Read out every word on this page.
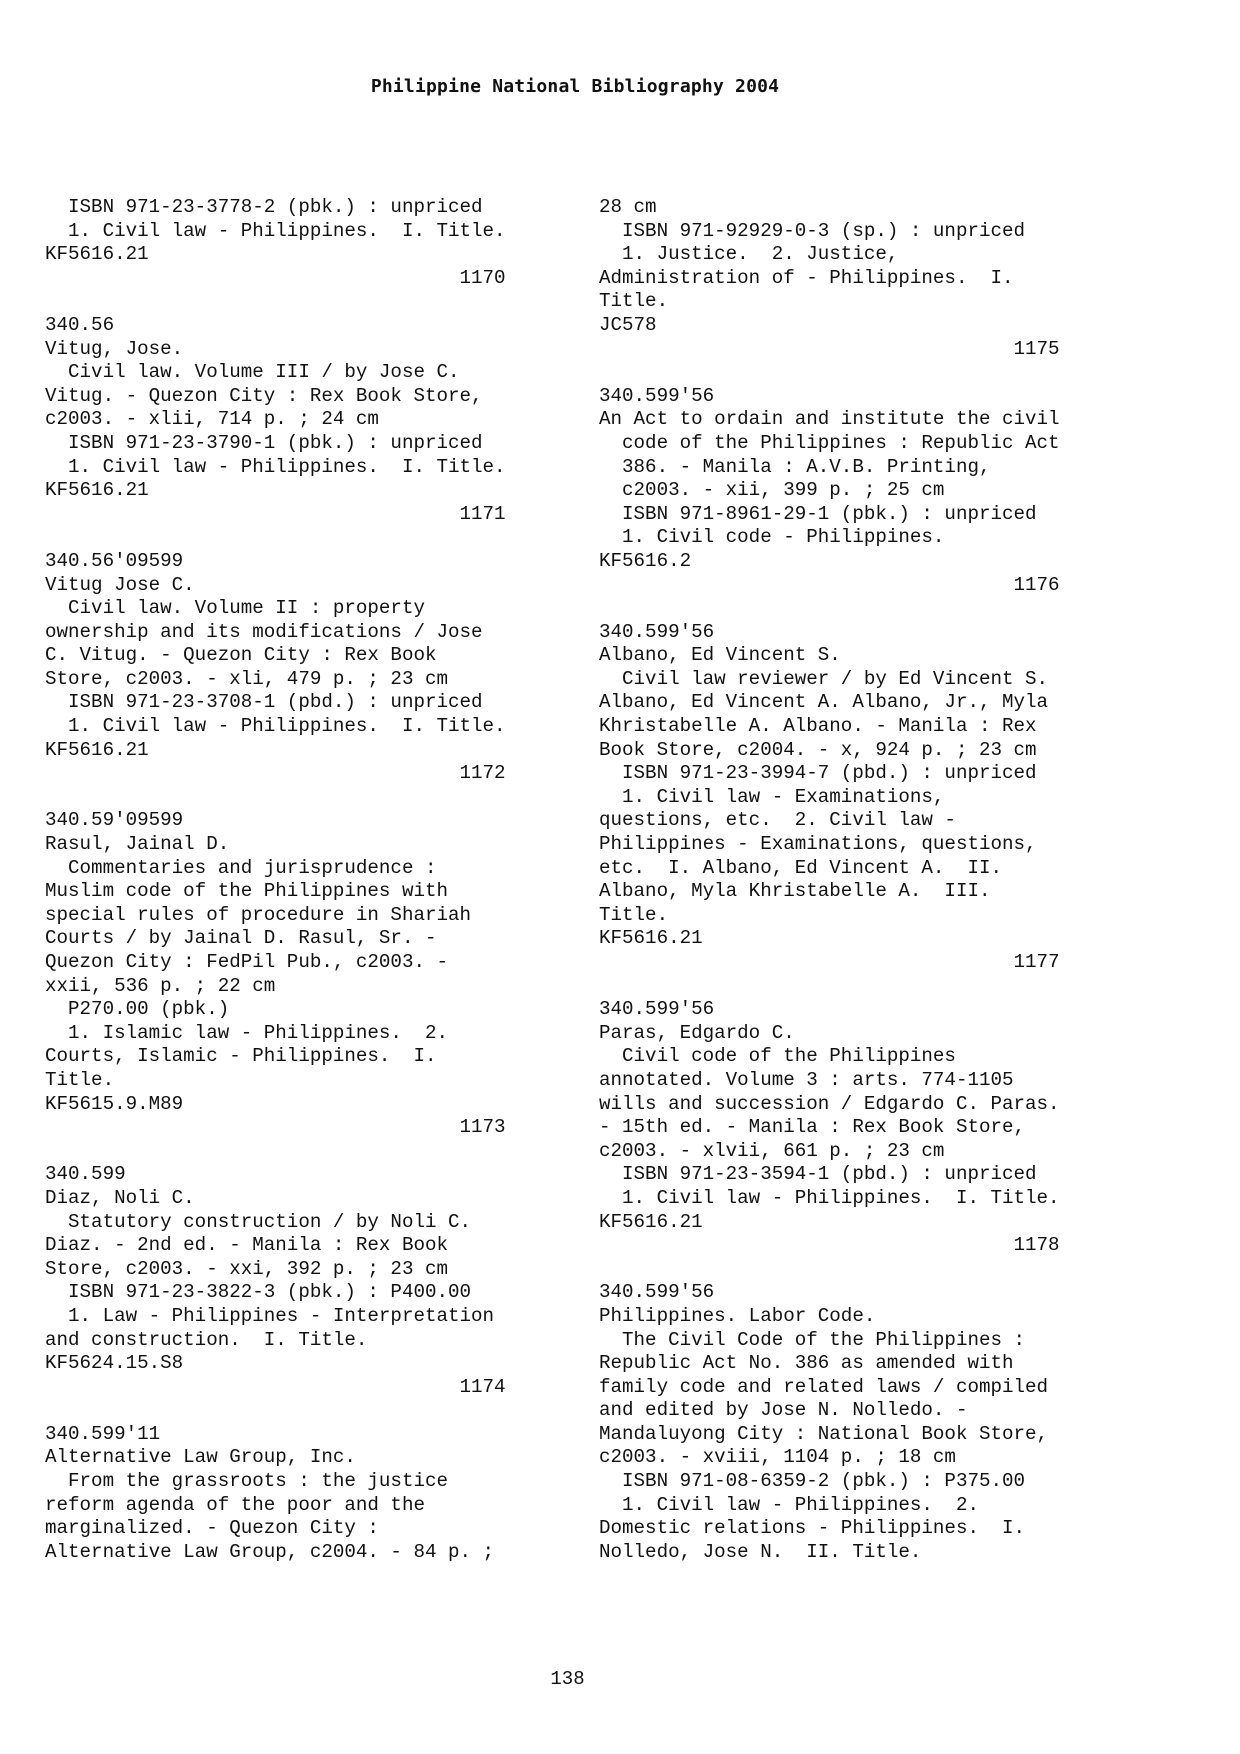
Philippine National Bibliography 2004
ISBN 971-23-3778-2 (pbk.) : unpriced
1. Civil law - Philippines.  I. Title.
KF5616.21
1170
340.56
Vitug, Jose.
Civil law. Volume III / by Jose C.
Vitug. - Quezon City : Rex Book Store,
c2003. - xlii, 714 p. ; 24 cm
ISBN 971-23-3790-1 (pbk.) : unpriced
1. Civil law - Philippines.  I. Title.
KF5616.21
1171
340.56'09599
Vitug Jose C.
Civil law. Volume II : property
ownership and its modifications / Jose
C. Vitug. - Quezon City : Rex Book
Store, c2003. - xli, 479 p. ; 23 cm
ISBN 971-23-3708-1 (pbd.) : unpriced
1. Civil law - Philippines.  I. Title.
KF5616.21
1172
340.59'09599
Rasul, Jainal D.
Commentaries and jurisprudence :
Muslim code of the Philippines with
special rules of procedure in Shariah
Courts / by Jainal D. Rasul, Sr. -
Quezon City : FedPil Pub., c2003. -
xxii, 536 p. ; 22 cm
P270.00 (pbk.)
1. Islamic law - Philippines.  2.
Courts, Islamic - Philippines.  I.
Title.
KF5615.9.M89
1173
340.599
Diaz, Noli C.
Statutory construction / by Noli C.
Diaz. - 2nd ed. - Manila : Rex Book
Store, c2003. - xxi, 392 p. ; 23 cm
ISBN 971-23-3822-3 (pbk.) : P400.00
1. Law - Philippines - Interpretation
and construction.  I. Title.
KF5624.15.S8
1174
340.599'11
Alternative Law Group, Inc.
From the grassroots : the justice
reform agenda of the poor and the
marginalized. - Quezon City :
Alternative Law Group, c2004. - 84 p. ;
28 cm
ISBN 971-92929-0-3 (sp.) : unpriced
1. Justice.  2. Justice,
Administration of - Philippines.  I.
Title.
JC578
1175
340.599'56
An Act to ordain and institute the civil
code of the Philippines : Republic Act
386. - Manila : A.V.B. Printing,
c2003. - xii, 399 p. ; 25 cm
ISBN 971-8961-29-1 (pbk.) : unpriced
1. Civil code - Philippines.
KF5616.2
1176
340.599'56
Albano, Ed Vincent S.
Civil law reviewer / by Ed Vincent S.
Albano, Ed Vincent A. Albano, Jr., Myla
Khristabelle A. Albano. - Manila : Rex
Book Store, c2004. - x, 924 p. ; 23 cm
ISBN 971-23-3994-7 (pbd.) : unpriced
1. Civil law - Examinations,
questions, etc.  2. Civil law -
Philippines - Examinations, questions,
etc.  I. Albano, Ed Vincent A.  II.
Albano, Myla Khristabelle A.  III.
Title.
KF5616.21
1177
340.599'56
Paras, Edgardo C.
Civil code of the Philippines
annotated. Volume 3 : arts. 774-1105
wills and succession / Edgardo C. Paras.
- 15th ed. - Manila : Rex Book Store,
c2003. - xlvii, 661 p. ; 23 cm
ISBN 971-23-3594-1 (pbd.) : unpriced
1. Civil law - Philippines.  I. Title.
KF5616.21
1178
340.599'56
Philippines. Labor Code.
The Civil Code of the Philippines :
Republic Act No. 386 as amended with
family code and related laws / compiled
and edited by Jose N. Nolledo. -
Mandaluyong City : National Book Store,
c2003. - xviii, 1104 p. ; 18 cm
ISBN 971-08-6359-2 (pbk.) : P375.00
1. Civil law - Philippines.  2.
Domestic relations - Philippines.  I.
Nolledo, Jose N.  II. Title.
138
